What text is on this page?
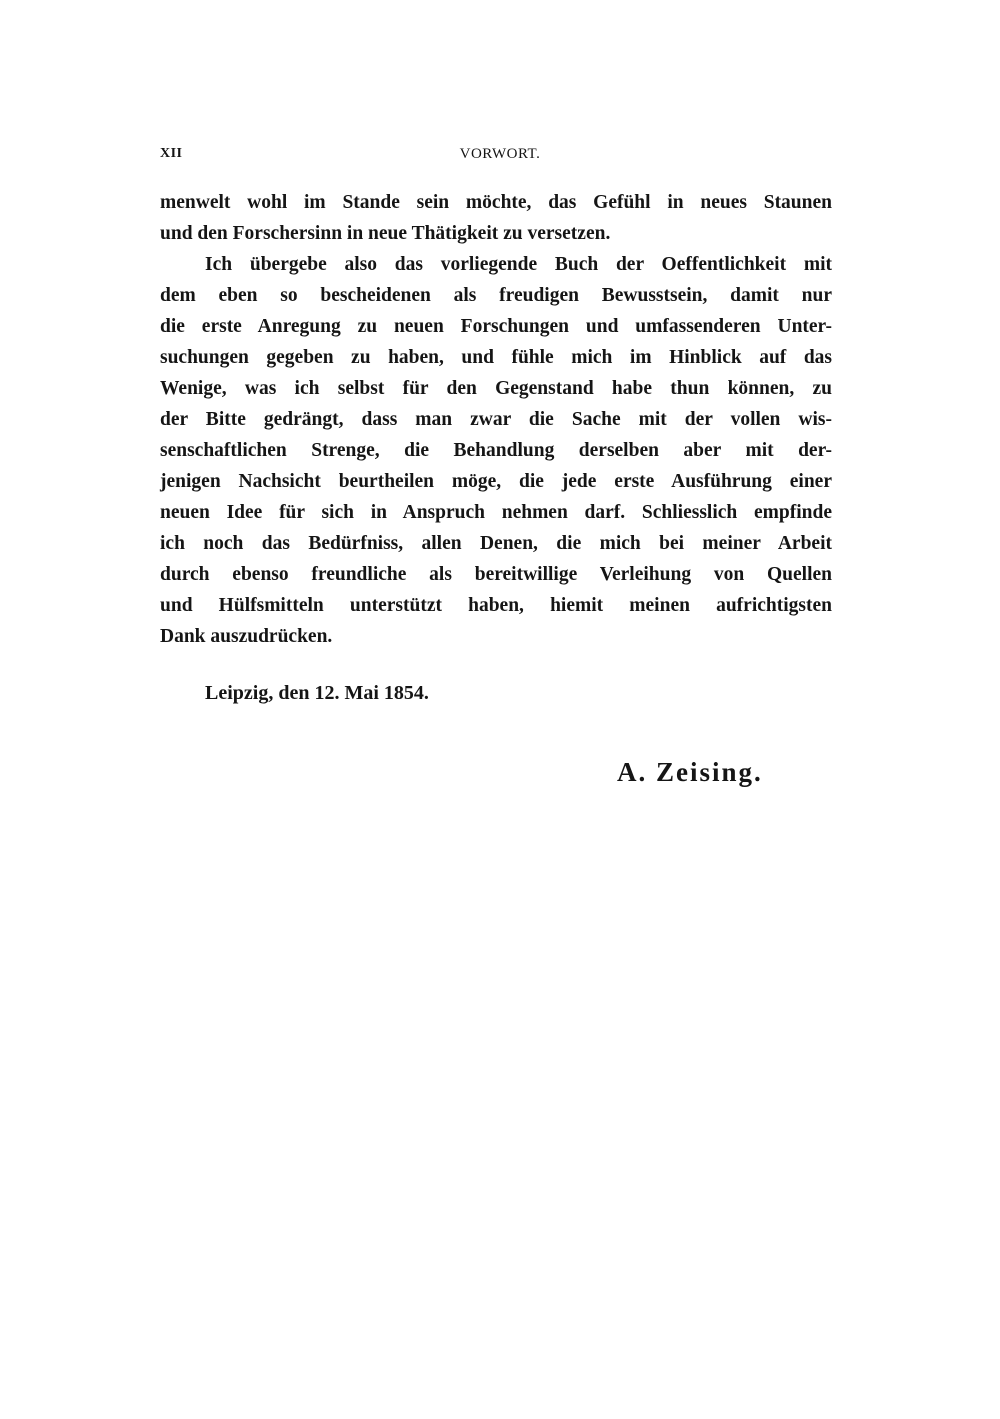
XII	VORWORT.
menwelt wohl im Stande sein möchte, das Gefühl in neues Staunen
und den Forschersinn in neue Thätigkeit zu versetzen.
Ich übergebe also das vorliegende Buch der Oeffentlichkeit mit
dem eben so bescheidenen als freudigen Bewusstsein, damit nur
die erste Anregung zu neuen Forschungen und umfassenderen Unter-
suchungen gegeben zu haben, und fühle mich im Hinblick auf das
Wenige, was ich selbst für den Gegenstand habe thun können, zu
der Bitte gedrängt, dass man zwar die Sache mit der vollen wis-
senschaftlichen Strenge, die Behandlung derselben aber mit der-
jenigen Nachsicht beurtheilen möge, die jede erste Ausführung einer
neuen Idee für sich in Anspruch nehmen darf. Schliesslich empfinde
ich noch das Bedürfniss, allen Denen, die mich bei meiner Arbeit
durch ebenso freundliche als bereitwillige Verleihung von Quellen
und Hülfsmitteln unterstützt haben, hiemit meinen aufrichtigsten
Dank auszudrücken.
Leipzig, den 12. Mai 1854.
A. Zeising.
